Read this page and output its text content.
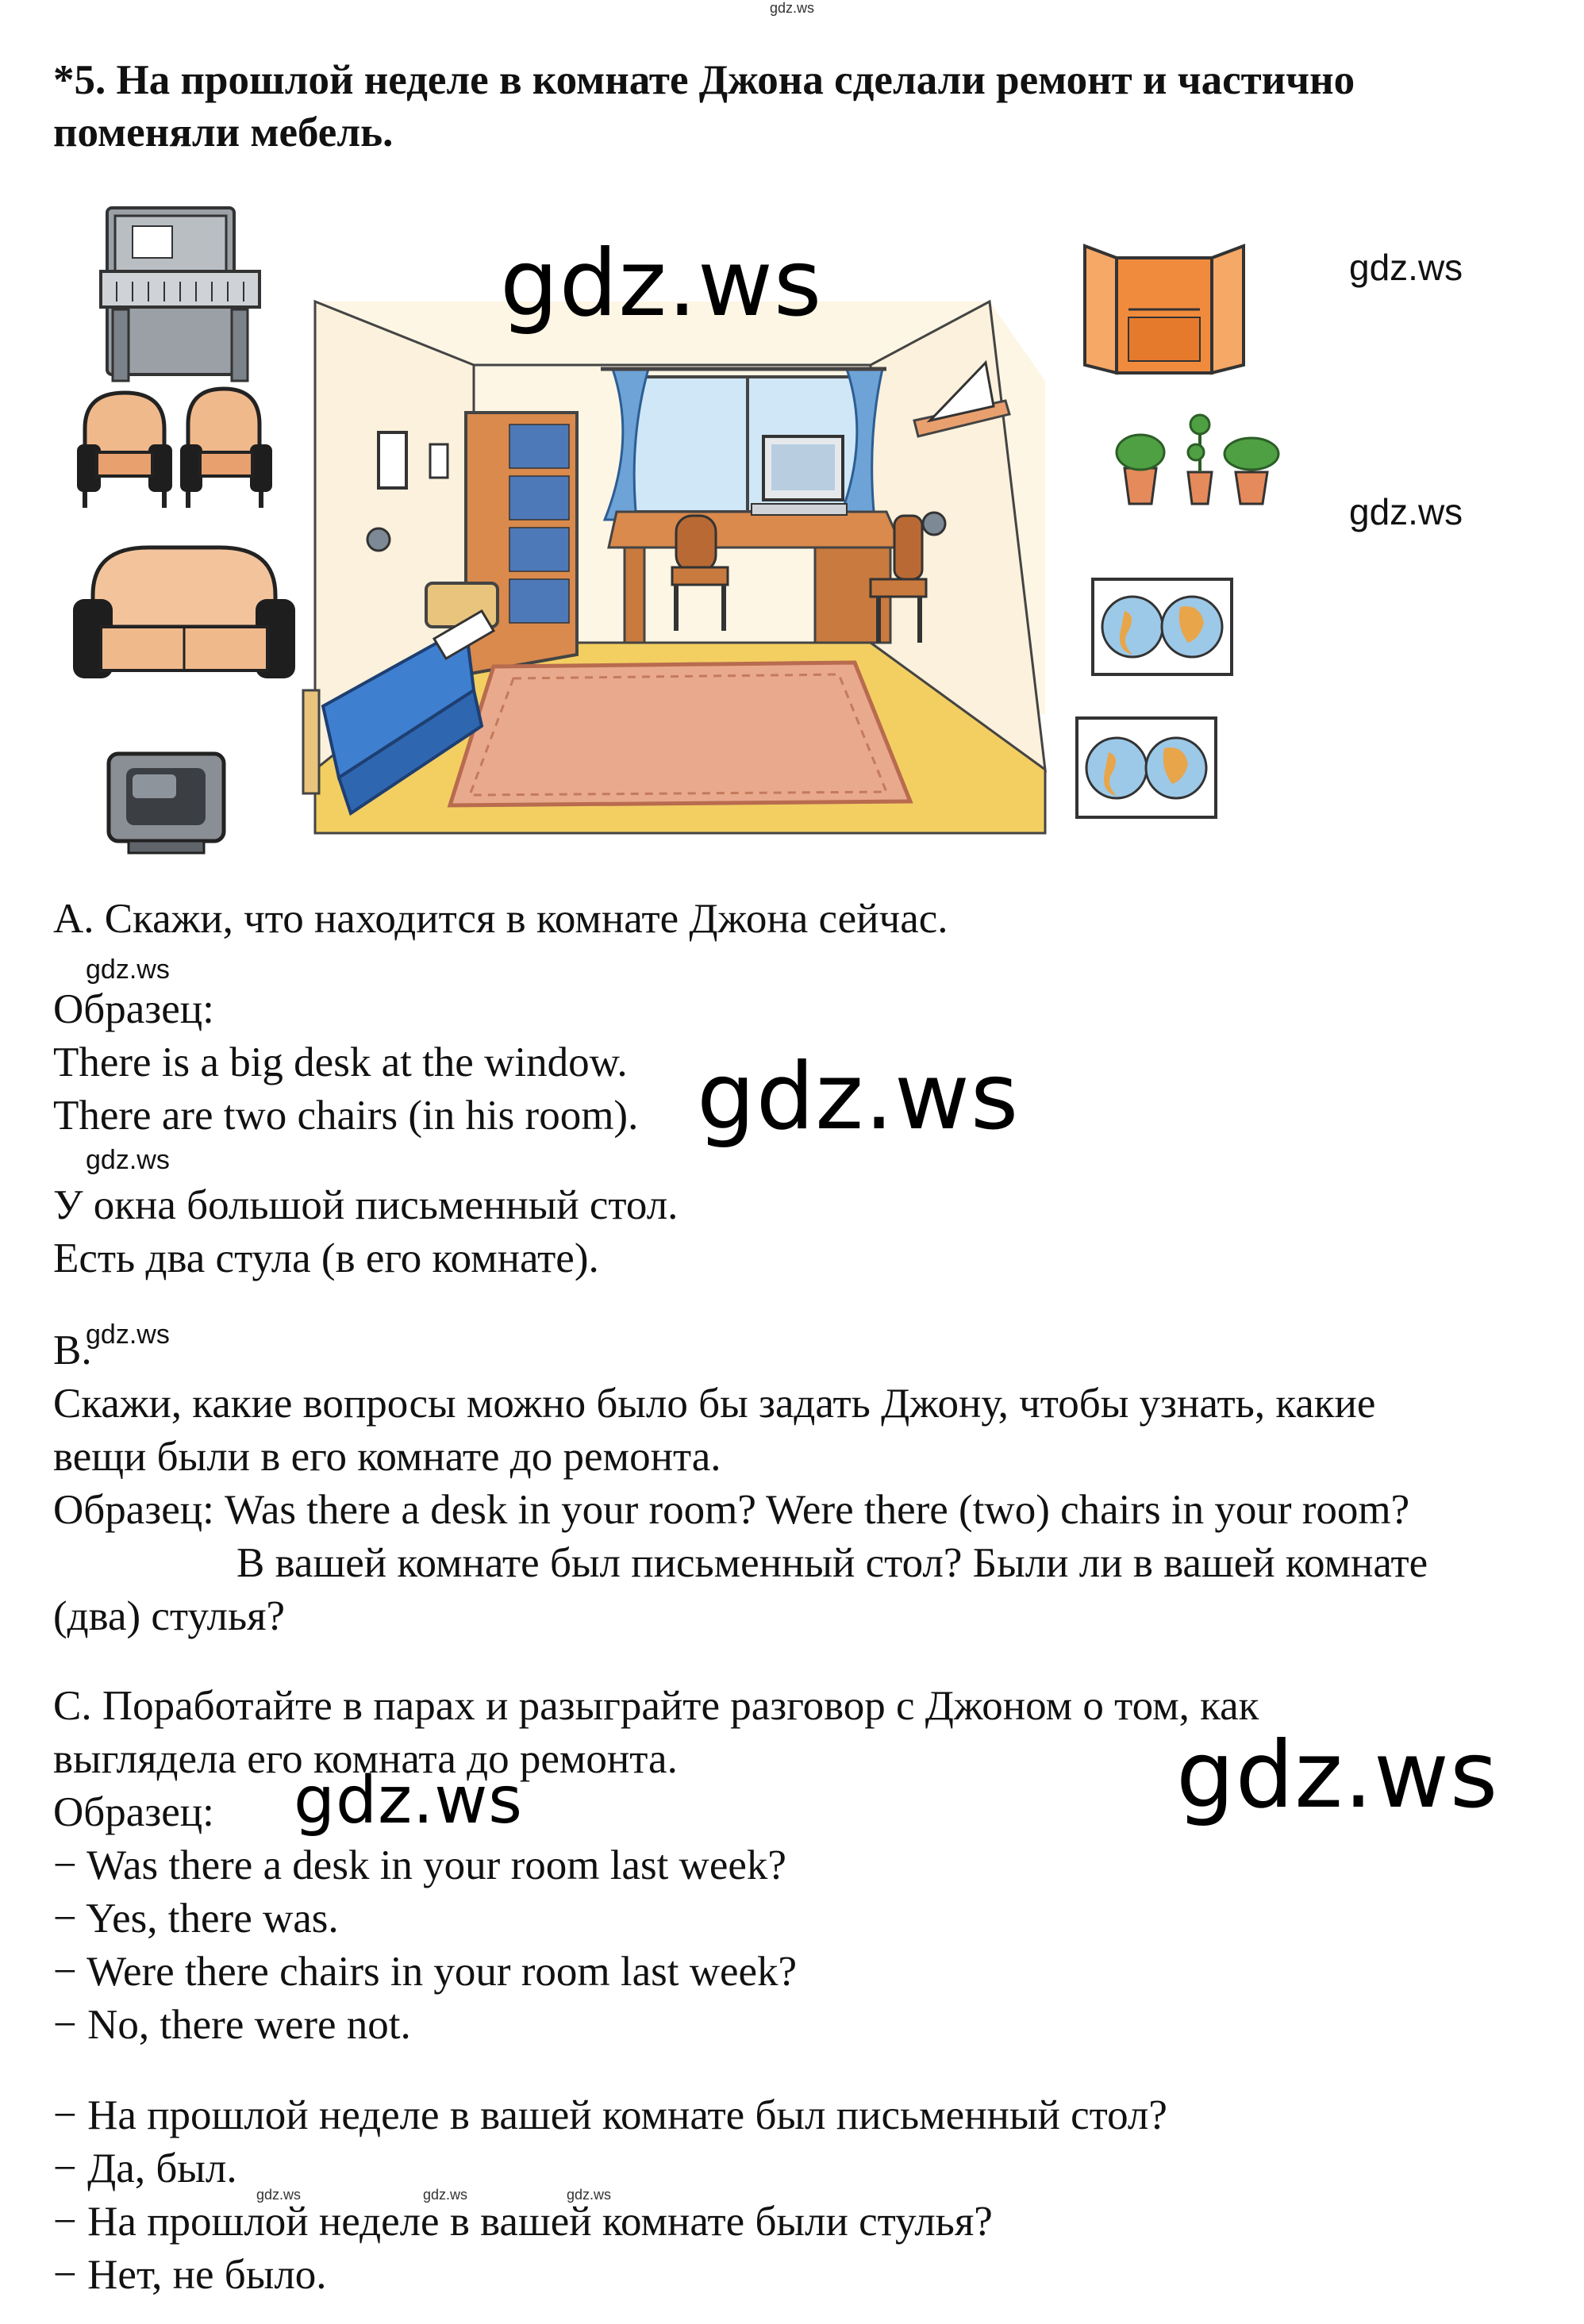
gdz.ws
*5. На прошлой неделе в комнате Джона сделали ремонт и частично поменяли мебель.
gdz.ws	gdz.ws
gdz.ws
А. Скажи, что находится в комнате Джона сейчас.
gdz.ws
Образец:
There is a big desk at the window.
There are two chairs (in his room). gdz.ws
gdz.ws
У окна большой письменный стол.
Есть два стула (в его комнате).
B.
gdz.ws
Скажи, какие вопросы можно было бы задать Джону, чтобы узнать, какие
вещи были в его комнате до ремонта.
Образец: Was there a desk in your room? Were there (two) chairs in your room?
В вашей комнате был письменный стол? Были ли в вашей комнате
(два) стулья?
С. Поработайте в парах и разыграйте разговор с Джоном о том, как
выглядела его комната до ремонта.	gdz.ws
Образец: gdz.ws
− Was there a desk in your room last week?
− Yes, there was.
− Were there chairs in your room last week?
− No, there were not.
− На прошлой неделе в вашей комнате был письменный стол?
− Да, был.
gdz.ws	gdz.ws	gdz.ws
− На прошлой неделе в вашей комнате были стулья?
− Нет, не было.
